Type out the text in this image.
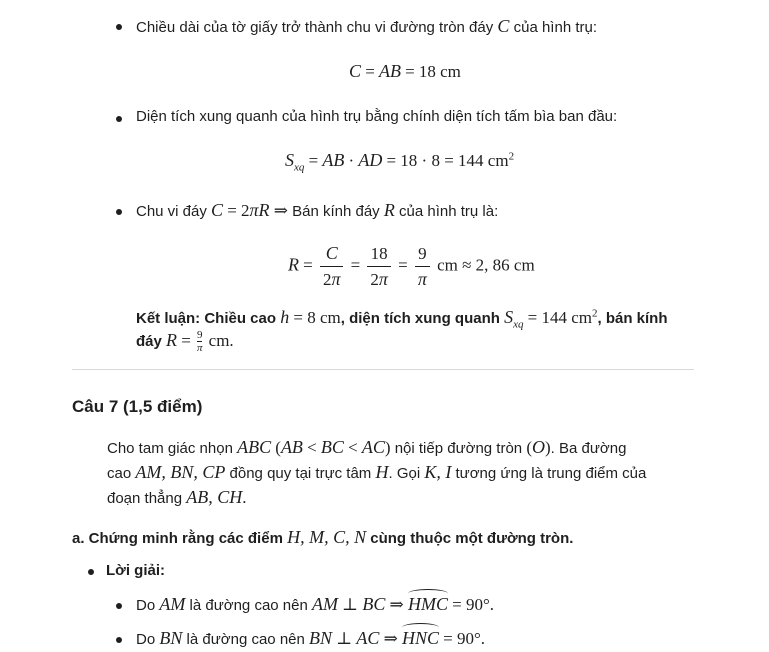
Chiều dài của tờ giấy trở thành chu vi đường tròn đáy C của hình trụ:
C = AB = 18 cm
Diện tích xung quanh của hình trụ bằng chính diện tích tấm bìa ban đầu:
$S_{xq}$ = AB · AD = 18 · 8 = 144 $cm^2$
Chu vi đáy C = 2πR ⇒ Bán kính đáy R của hình trụ là:
$R = \frac{C}{2\pi} = \frac{18}{2\pi} = \frac{9}{\pi}$ cm ≈ 2, 86 cm
Kết luận: Chiều cao h = 8 cm, diện tích xung quanh $S_{xq} = 144$ $cm^2$, bán kính
đáy $R = \frac{9}{\pi}$ cm.
Câu 7 (1,5 điểm)
Cho tam giác nhọn ABC (AB < BC < AC) nội tiếp đường tròn (O). Ba đường
cao AM, BN, CP đồng quy tại trực tâm H. Gọi K, I tương ứng là trung điểm của
đoạn thẳng AB, CH.
a. Chứng minh rằng các điểm H, M, C, N cùng thuộc một đường tròn.
Lời giải:
Do AM là đường cao nên AM ⊥ BC ⇒ HMC = 90°.
Do BN là đường cao nên BN ⊥ AC ⇒ HNC = 90°.
